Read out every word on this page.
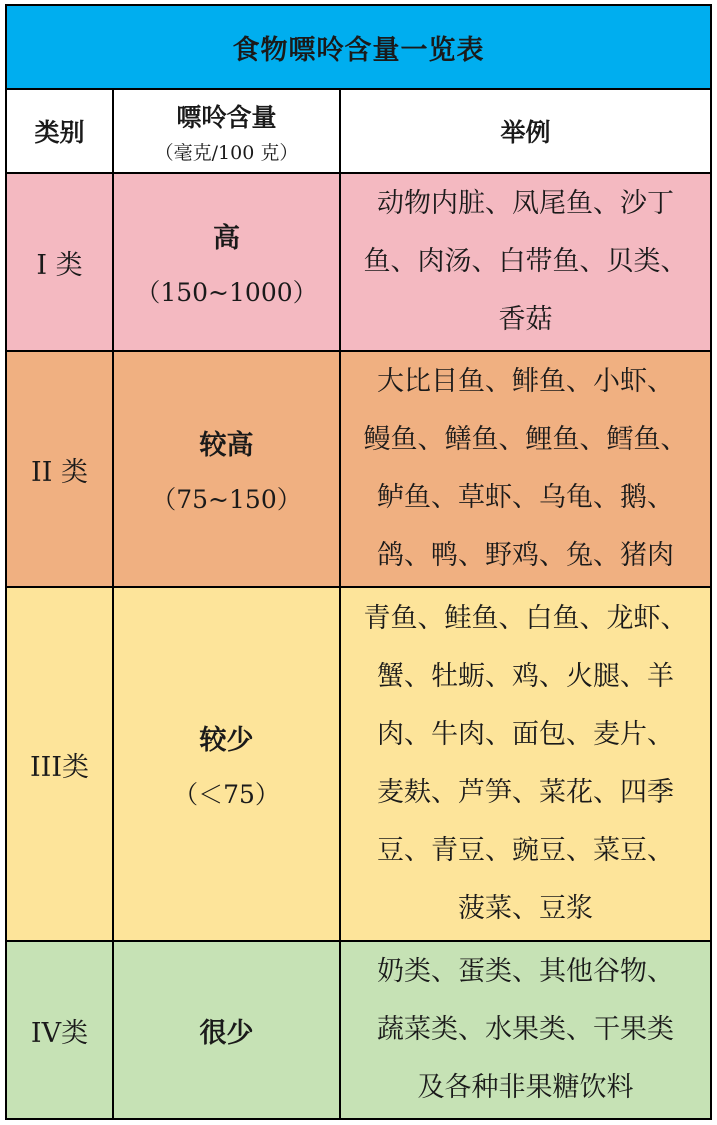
食物嘌呤含量一览表
类别
嘌呤含量
（毫克/100 克）
举例
I 类
高
（150~1000）
动物内脏、凤尾鱼、沙丁
鱼、肉汤、白带鱼、贝类、
香菇
II 类
较高
（75~150）
大比目鱼、鲱鱼、小虾、
鳗鱼、鳝鱼、鲤鱼、鳕鱼、
鲈鱼、草虾、乌龟、鹅、
鸽、鸭、野鸡、兔、猪肉
III类
较少
（＜75）
青鱼、鲑鱼、白鱼、龙虾、
蟹、牡蛎、鸡、火腿、羊
肉、牛肉、面包、麦片、
麦麸、芦笋、菜花、四季
豆、青豆、豌豆、菜豆、
菠菜、豆浆
IV类	很少
奶类、蛋类、其他谷物、
蔬菜类、水果类、干果类
及各种非果糖饮料
